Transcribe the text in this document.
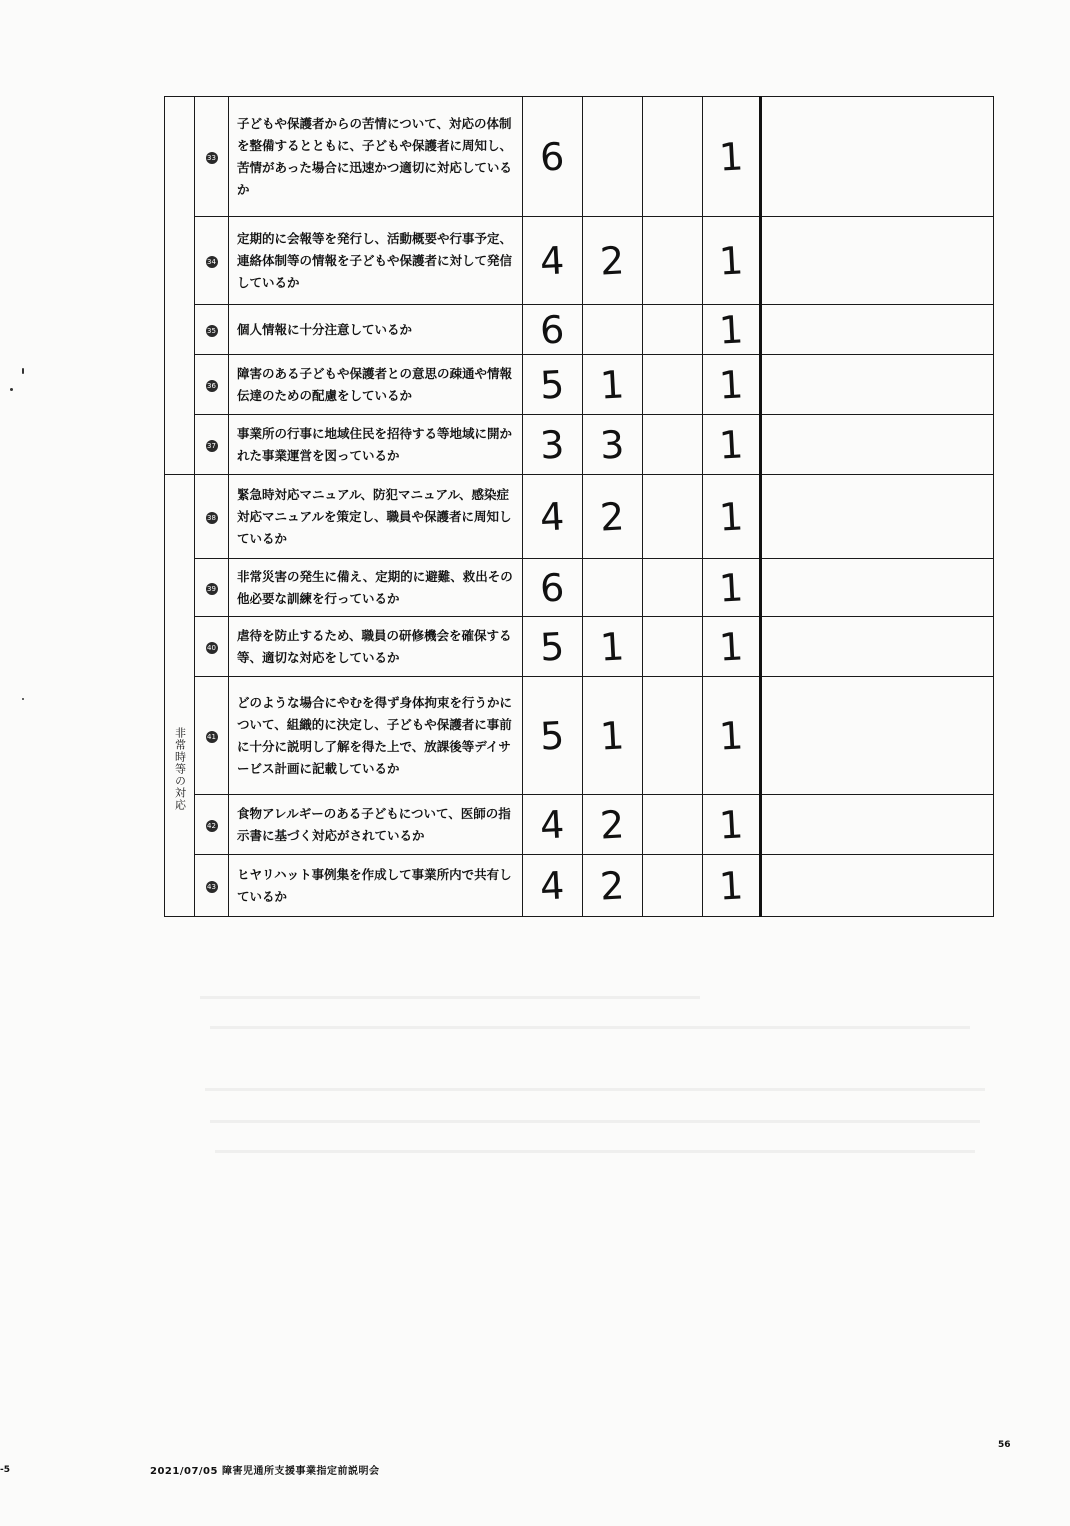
	33	子どもや保護者からの苦情について、対応の体制を整備するとともに、子どもや保護者に周知し、苦情があった場合に迅速かつ適切に対応しているか	6			1	
	34	定期的に会報等を発行し、活動概要や行事予定、連絡体制等の情報を子どもや保護者に対して発信しているか	4	2		1	
	35	個人情報に十分注意しているか	6			1	
	36	障害のある子どもや保護者との意思の疎通や情報伝達のための配慮をしているか	5	1		1	
	37	事業所の行事に地域住民を招待する等地域に開かれた事業運営を図っているか	3	3		1	
非常時等の対応	38	緊急時対応マニュアル、防犯マニュアル、感染症対応マニュアルを策定し、職員や保護者に周知しているか	4	2		1	
	39	非常災害の発生に備え、定期的に避難、救出その他必要な訓練を行っているか	6			1	
	40	虐待を防止するため、職員の研修機会を確保する等、適切な対応をしているか	5	1		1	
	41	どのような場合にやむを得ず身体拘束を行うかについて、組織的に決定し、子どもや保護者に事前に十分に説明し了解を得た上で、放課後等デイサービス計画に記載しているか	5	1		1	
	42	食物アレルギーのある子どもについて、医師の指示書に基づく対応がされているか	4	2		1	
	43	ヒヤリハット事例集を作成して事業所内で共有しているか	4	2		1	
-5	2021/07/05 障害児通所支援事業指定前説明会
56
